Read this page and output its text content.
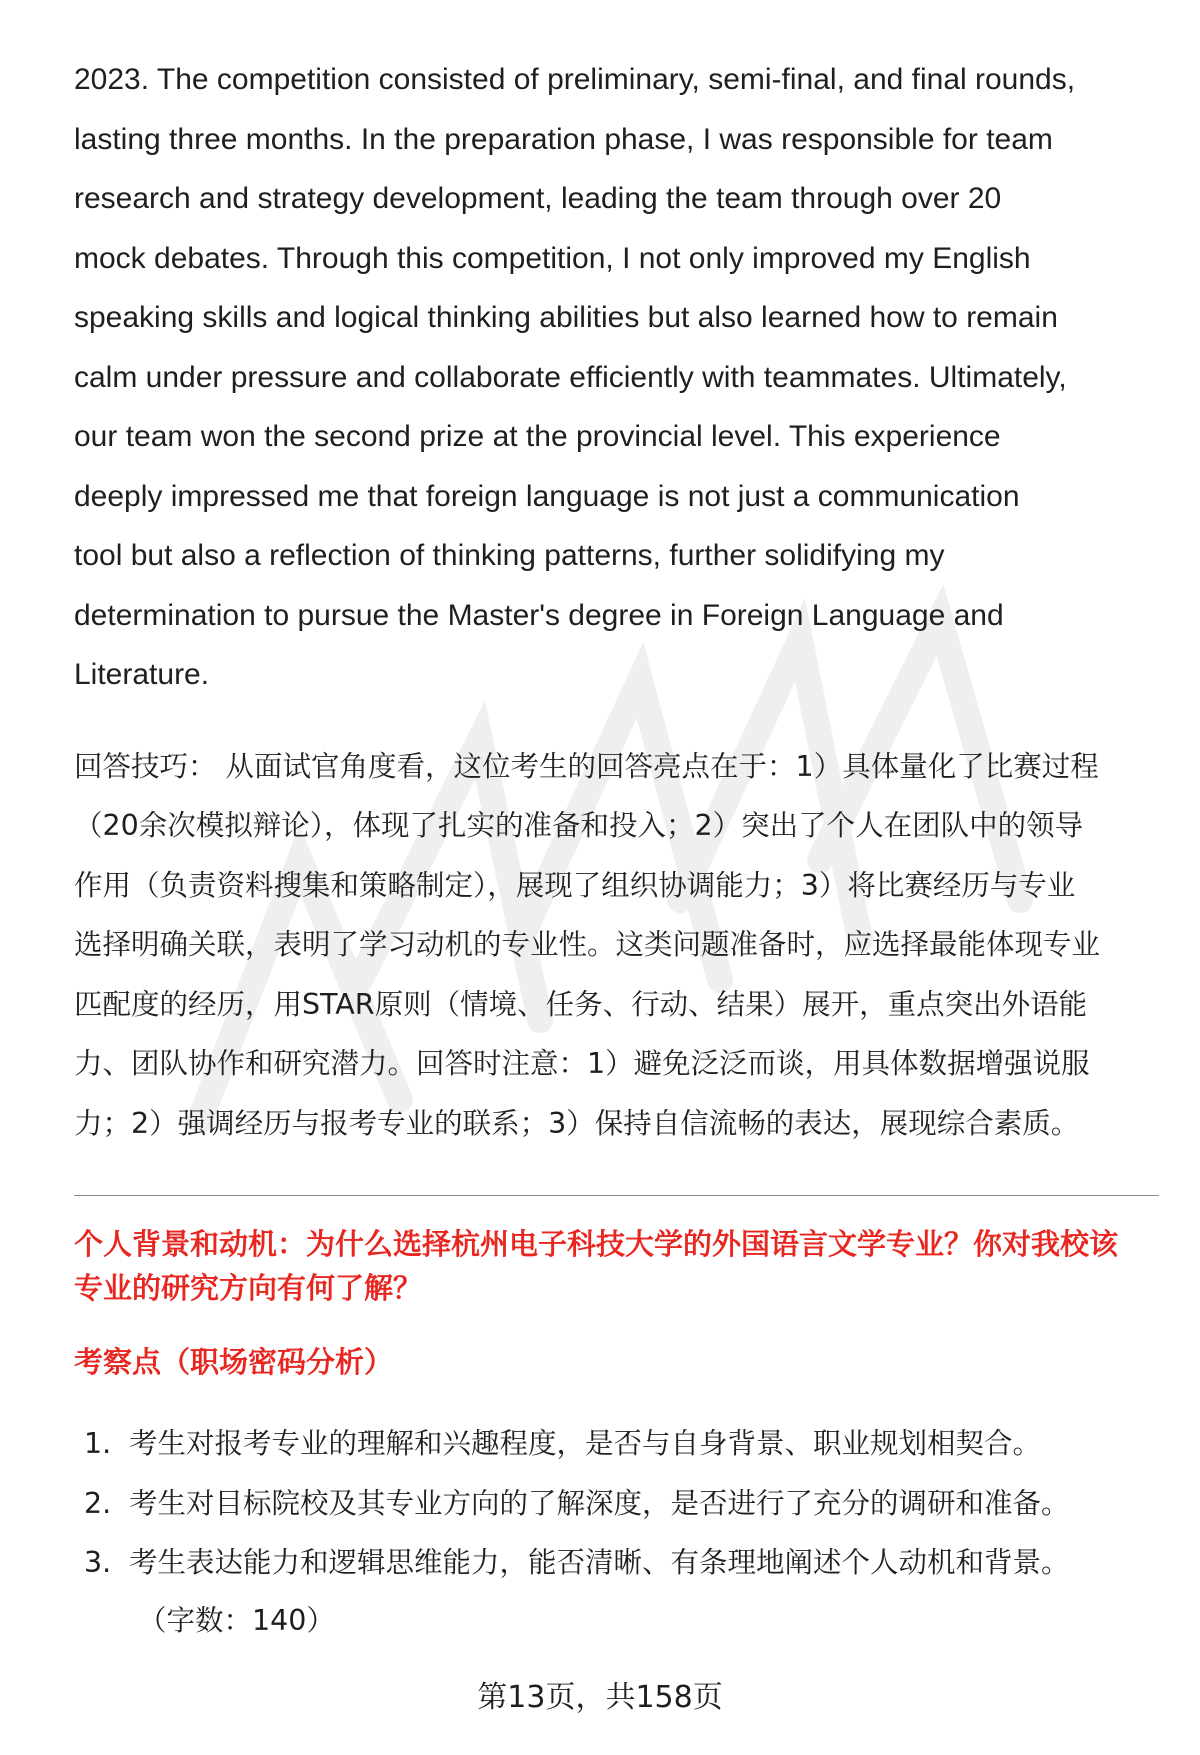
2023. The competition consisted of preliminary, semi-final, and final rounds,
lasting three months. In the preparation phase, I was responsible for team
research and strategy development, leading the team through over 20
mock debates. Through this competition, I not only improved my English
speaking skills and logical thinking abilities but also learned how to remain
calm under pressure and collaborate efficiently with teammates. Ultimately,
our team won the second prize at the provincial level. This experience
deeply impressed me that foreign language is not just a communication
tool but also a reflection of thinking patterns, further solidifying my
determination to pursue the Master's degree in Foreign Language and
Literature.

回答技巧： 从面试官角度看，这位考生的回答亮点在于：1）具体量化了比赛过程
（20余次模拟辩论），体现了扎实的准备和投入；2）突出了个人在团队中的领导
作用（负责资料搜集和策略制定），展现了组织协调能力；3）将比赛经历与专业
选择明确关联，表明了学习动机的专业性。这类问题准备时，应选择最能体现专业
匹配度的经历，用STAR原则（情境、任务、行动、结果）展开，重点突出外语能
力、团队协作和研究潜力。回答时注意：1）避免泛泛而谈，用具体数据增强说服
力；2）强调经历与报考专业的联系；3）保持自信流畅的表达，展现综合素质。

个人背景和动机：为什么选择杭州电子科技大学的外国语言文学专业？你对我校该
专业的研究方向有何了解？
考察点（职场密码分析）
1. 考生对报考专业的理解和兴趣程度，是否与自身背景、职业规划相契合。
2. 考生对目标院校及其专业方向的了解深度，是否进行了充分的调研和准备。
3. 考生表达能力和逻辑思维能力，能否清晰、有条理地阐述个人动机和背景。
（字数：140）
第13页，共158页
